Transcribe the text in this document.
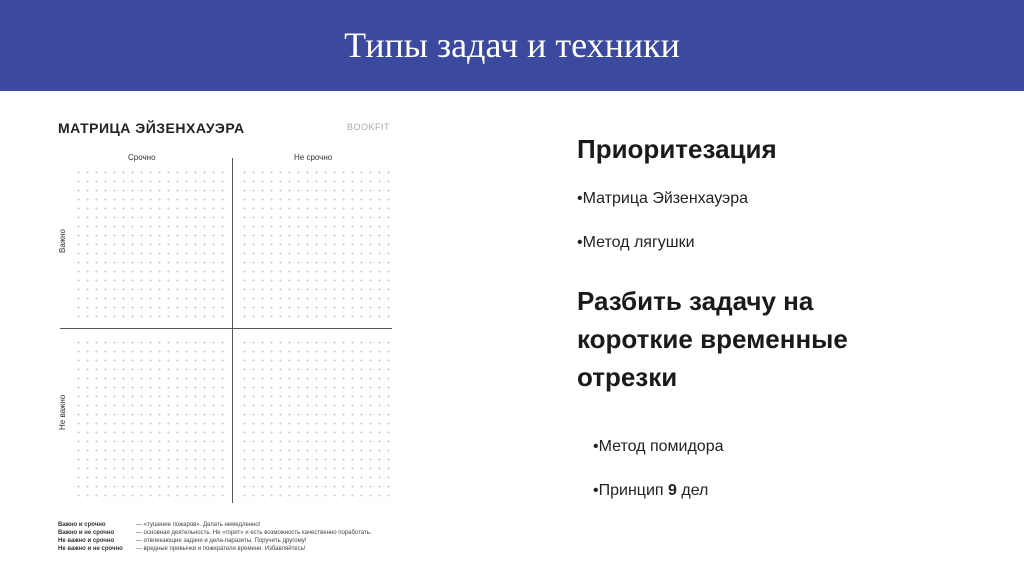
Типы задач и техники
МАТРИЦА ЭЙЗЕНХАУЭРА	BOOKFIT
Срочно	Не срочно
Важно
Не важно
Важно и срочно	— «тушение пожаров». Делать немедленно!
Важно и не срочно	— основная деятельность. Не «горит» и есть возможность качественно поработать.
Не важно и срочно	— отвлекающие задачи и дела-паразиты. Поручить другому!
Не важно и не срочно	— вредные привычки и пожиратели времени. Избавляйтесь!
Приоритезация
•Матрица Эйзенхауэра
•Метод лягушки
Разбить задачу на
короткие временные
отрезки
•Метод помидора
•Принцип 9 дел
